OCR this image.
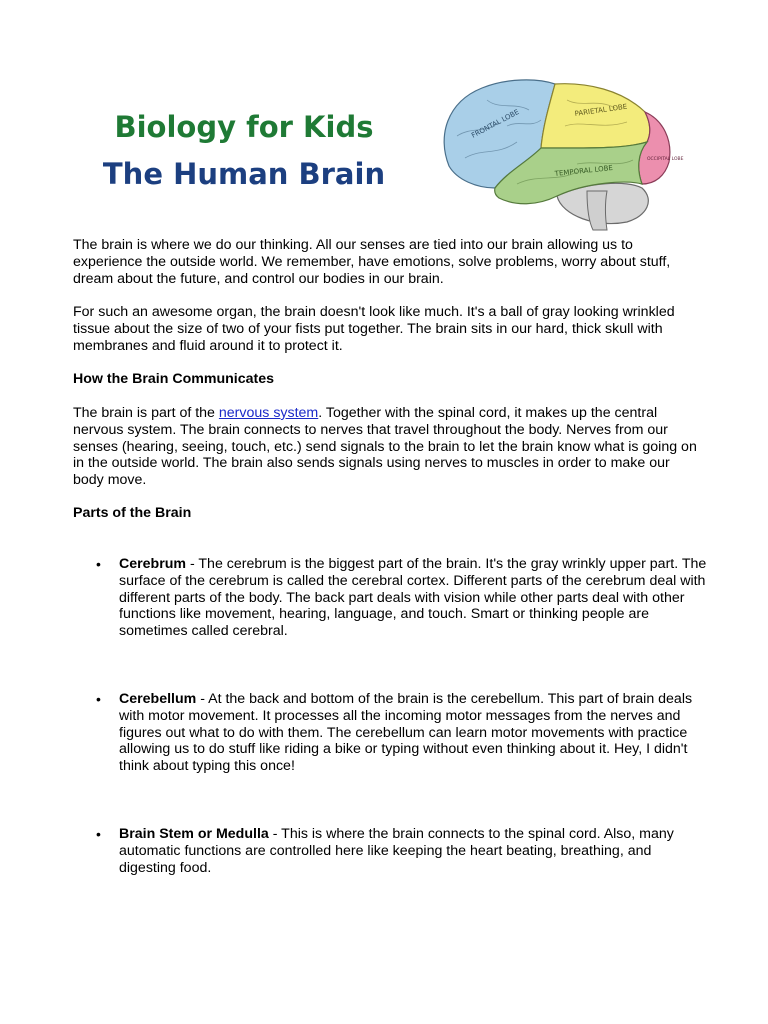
Biology for Kids
The Human Brain
FRONTAL LOBE	PARIETAL LOBE
OCCIPITAL LOBE
TEMPORAL LOBE

The brain is where we do our thinking. All our senses are tied into our brain allowing us to experience the outside world. We remember, have emotions, solve problems, worry about stuff, dream about the future, and control our bodies in our brain.

For such an awesome organ, the brain doesn't look like much. It's a ball of gray looking wrinkled tissue about the size of two of your fists put together. The brain sits in our hard, thick skull with membranes and fluid around it to protect it.

How the Brain Communicates

The brain is part of the nervous system. Together with the spinal cord, it makes up the central nervous system. The brain connects to nerves that travel throughout the body. Nerves from our senses (hearing, seeing, touch, etc.) send signals to the brain to let the brain know what is going on in the outside world. The brain also sends signals using nerves to muscles in order to make our body move.

Parts of the Brain

• Cerebrum - The cerebrum is the biggest part of the brain. It's the gray wrinkly upper part. The surface of the cerebrum is called the cerebral cortex. Different parts of the cerebrum deal with different parts of the body. The back part deals with vision while other parts deal with other functions like movement, hearing, language, and touch. Smart or thinking people are sometimes called cerebral.

• Cerebellum - At the back and bottom of the brain is the cerebellum. This part of brain deals with motor movement. It processes all the incoming motor messages from the nerves and figures out what to do with them. The cerebellum can learn motor movements with practice allowing us to do stuff like riding a bike or typing without even thinking about it. Hey, I didn't think about typing this once!

• Brain Stem or Medulla - This is where the brain connects to the spinal cord. Also, many automatic functions are controlled here like keeping the heart beating, breathing, and digesting food.
